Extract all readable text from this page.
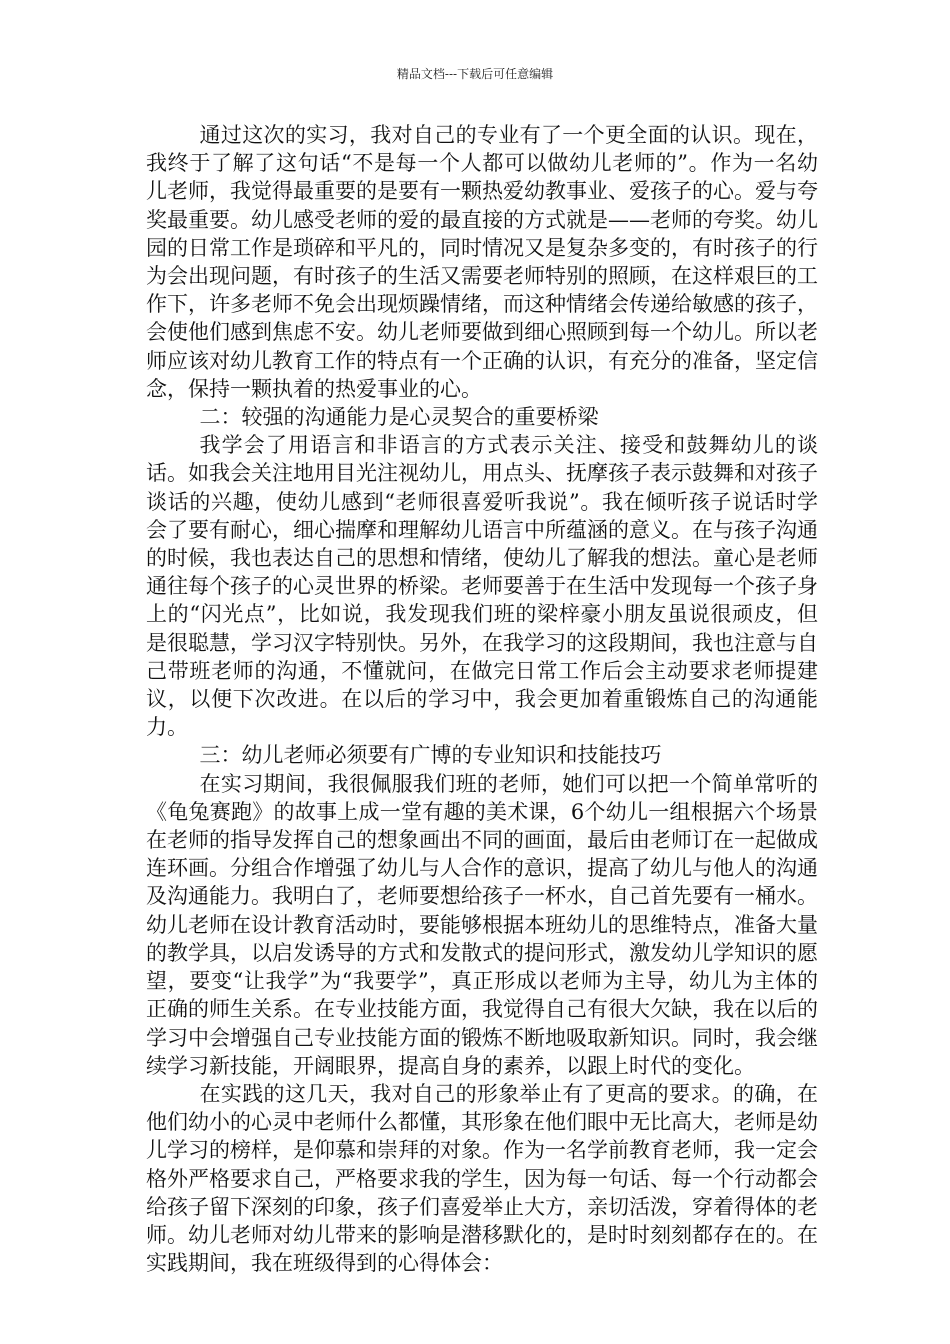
精品文档---下载后可任意编辑

通过这次的实习，我对自己的专业有了一个更全面的认识。现在，我终于了解了这句话“不是每一个人都可以做幼儿老师的”。作为一名幼儿老师，我觉得最重要的是要有一颗热爱幼教事业、爱孩子的心。爱与夸奖最重要。幼儿感受老师的爱的最直接的方式就是——老师的夸奖。幼儿园的日常工作是琐碎和平凡的，同时情况又是复杂多变的，有时孩子的行为会出现问题，有时孩子的生活又需要老师特别的照顾，在这样艰巨的工作下，许多老师不免会出现烦躁情绪，而这种情绪会传递给敏感的孩子，会使他们感到焦虑不安。幼儿老师要做到细心照顾到每一个幼儿。所以老师应该对幼儿教育工作的特点有一个正确的认识，有充分的准备，坚定信念，保持一颗执着的热爱事业的心。

二：较强的沟通能力是心灵契合的重要桥梁

我学会了用语言和非语言的方式表示关注、接受和鼓舞幼儿的谈话。如我会关注地用目光注视幼儿，用点头、抚摩孩子表示鼓舞和对孩子谈话的兴趣，使幼儿感到“老师很喜爱听我说”。我在倾听孩子说话时学会了要有耐心，细心揣摩和理解幼儿语言中所蕴涵的意义。在与孩子沟通的时候，我也表达自己的思想和情绪，使幼儿了解我的想法。童心是老师通往每个孩子的心灵世界的桥梁。老师要善于在生活中发现每一个孩子身上的“闪光点”，比如说，我发现我们班的梁梓豪小朋友虽说很顽皮，但是很聪慧，学习汉字特别快。另外，在我学习的这段期间，我也注意与自己带班老师的沟通，不懂就问，在做完日常工作后会主动要求老师提建议，以便下次改进。在以后的学习中，我会更加着重锻炼自己的沟通能力。

三：幼儿老师必须要有广博的专业知识和技能技巧

在实习期间，我很佩服我们班的老师，她们可以把一个简单常听的《龟兔赛跑》的故事上成一堂有趣的美术课，6个幼儿一组根据六个场景在老师的指导发挥自己的想象画出不同的画面，最后由老师订在一起做成连环画。分组合作增强了幼儿与人合作的意识，提高了幼儿与他人的沟通及沟通能力。我明白了，老师要想给孩子一杯水，自己首先要有一桶水。幼儿老师在设计教育活动时，要能够根据本班幼儿的思维特点，准备大量的教学具，以启发诱导的方式和发散式的提问形式，激发幼儿学知识的愿望，要变“让我学”为“我要学”，真正形成以老师为主导，幼儿为主体的正确的师生关系。在专业技能方面，我觉得自己有很大欠缺，我在以后的学习中会增强自己专业技能方面的锻炼不断地吸取新知识。同时，我会继续学习新技能，开阔眼界，提高自身的素养，以跟上时代的变化。

在实践的这几天，我对自己的形象举止有了更高的要求。的确，在他们幼小的心灵中老师什么都懂，其形象在他们眼中无比高大，老师是幼儿学习的榜样，是仰慕和崇拜的对象。作为一名学前教育老师，我一定会格外严格要求自己，严格要求我的学生，因为每一句话、每一个行动都会给孩子留下深刻的印象，孩子们喜爱举止大方，亲切活泼，穿着得体的老师。幼儿老师对幼儿带来的影响是潜移默化的，是时时刻刻都存在的。在实践期间，我在班级得到的心得体会：
